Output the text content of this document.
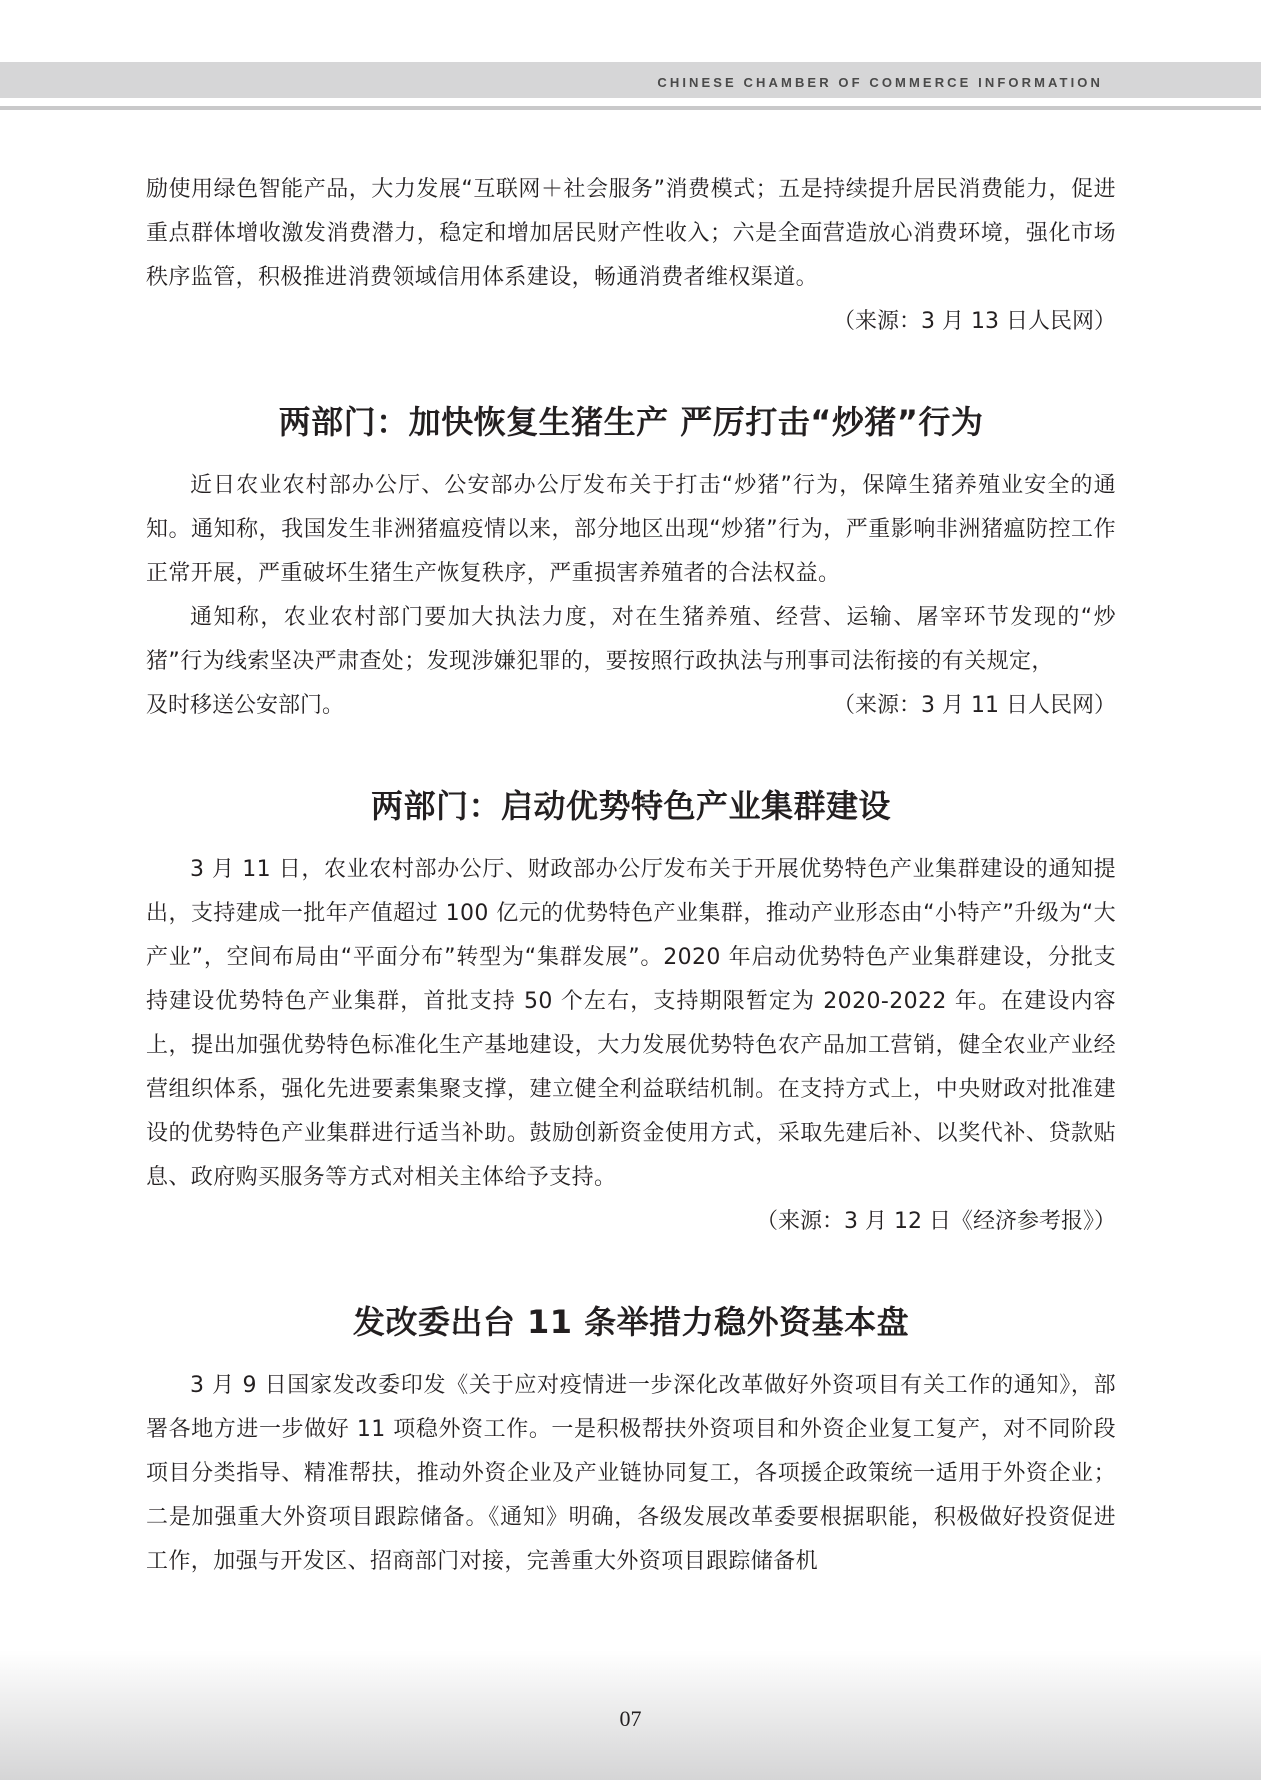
CHINESE CHAMBER OF COMMERCE INFORMATION

励使用绿色智能产品，大力发展“互联网＋社会服务”消费模式；五是持续提升居民消费能力，促进重点群体增收激发消费潜力，稳定和增加居民财产性收入；六是全面营造放心消费环境，强化市场秩序监管，积极推进消费领域信用体系建设，畅通消费者维权渠道。

（来源：3 月 13 日人民网）

两部门：加快恢复生猪生产 严厉打击“炒猪”行为

近日农业农村部办公厅、公安部办公厅发布关于打击“炒猪”行为，保障生猪养殖业安全的通知。通知称，我国发生非洲猪瘟疫情以来，部分地区出现“炒猪”行为，严重影响非洲猪瘟防控工作正常开展，严重破坏生猪生产恢复秩序，严重损害养殖者的合法权益。

通知称，农业农村部门要加大执法力度，对在生猪养殖、经营、运输、屠宰环节发现的“炒猪”行为线索坚决严肃查处；发现涉嫌犯罪的，要按照行政执法与刑事司法衔接的有关规定，

及时移送公安部门。	（来源：3 月 11 日人民网）
两部门：启动优势特色产业集群建设

3 月 11 日，农业农村部办公厅、财政部办公厅发布关于开展优势特色产业集群建设的通知提出，支持建成一批年产值超过 100 亿元的优势特色产业集群，推动产业形态由“小特产”升级为“大产业”，空间布局由“平面分布”转型为“集群发展”。2020 年启动优势特色产业集群建设，分批支持建设优势特色产业集群，首批支持 50 个左右，支持期限暂定为 2020-2022 年。在建设内容上，提出加强优势特色标准化生产基地建设，大力发展优势特色农产品加工营销，健全农业产业经营组织体系，强化先进要素集聚支撑，建立健全利益联结机制。在支持方式上，中央财政对批准建设的优势特色产业集群进行适当补助。鼓励创新资金使用方式，采取先建后补、以奖代补、贷款贴息、政府购买服务等方式对相关主体给予支持。

（来源：3 月 12 日《经济参考报》）

发改委出台 11 条举措力稳外资基本盘

3 月 9 日国家发改委印发《关于应对疫情进一步深化改革做好外资项目有关工作的通知》，部署各地方进一步做好 11 项稳外资工作。一是积极帮扶外资项目和外资企业复工复产，对不同阶段项目分类指导、精准帮扶，推动外资企业及产业链协同复工，各项援企政策统一适用于外资企业；二是加强重大外资项目跟踪储备。《通知》明确，各级发展改革委要根据职能，积极做好投资促进工作，加强与开发区、招商部门对接，完善重大外资项目跟踪储备机

07
